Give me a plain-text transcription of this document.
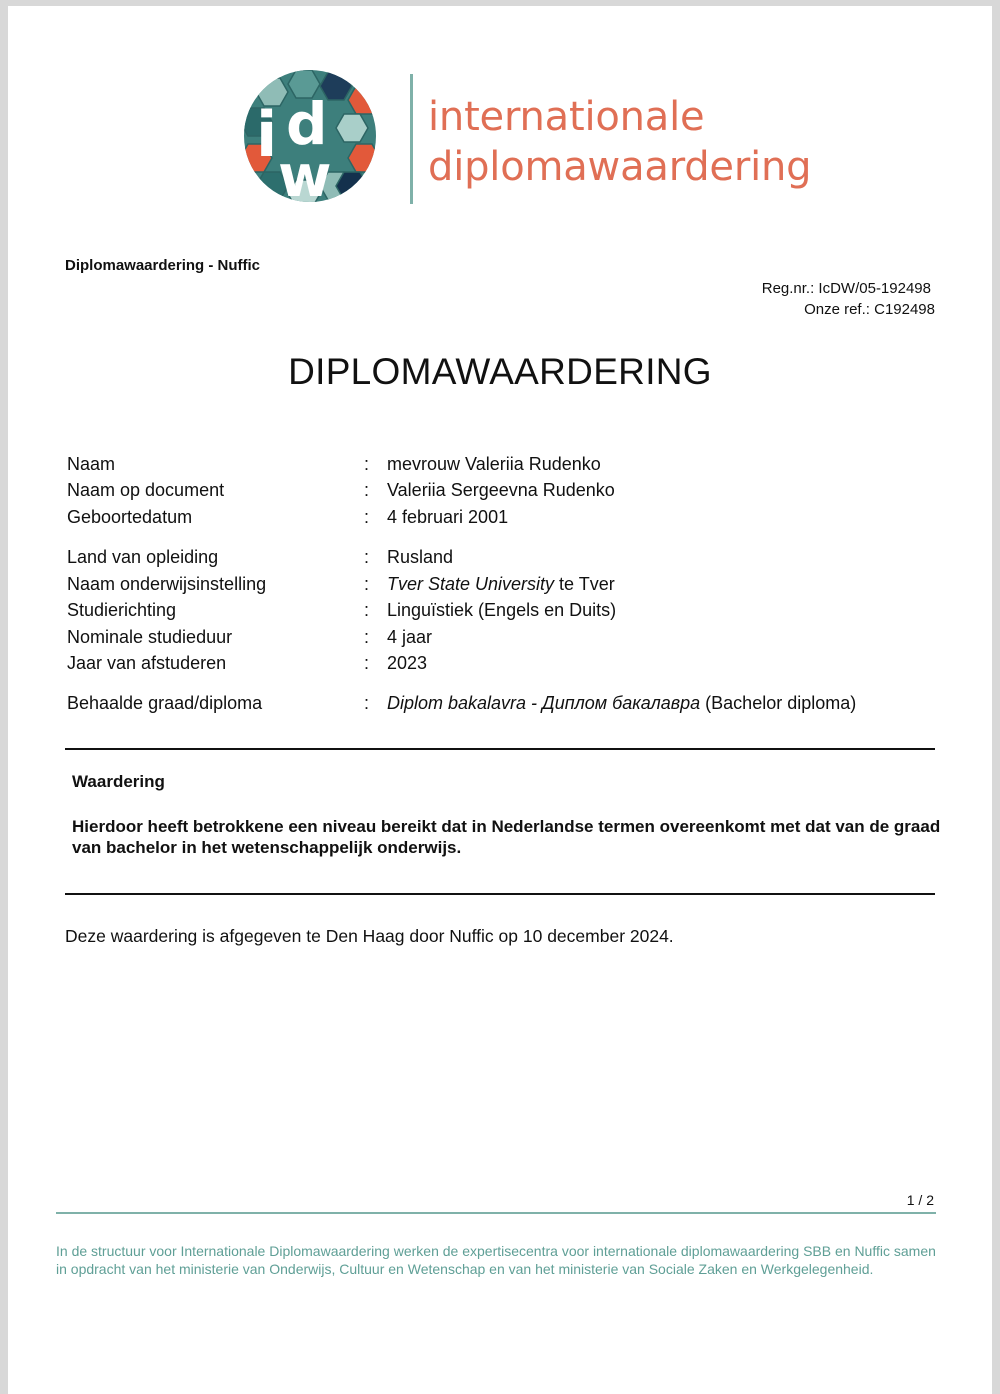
i d
w
internationale
diplomawaardering
Diplomawaardering - Nuffic
Reg.nr.: IcDW/05-192498
Onze ref.: C192498
DIPLOMAWAARDERING
Naam	: mevrouw Valeriia Rudenko
Naam op document	: Valeriia Sergeevna Rudenko
Geboortedatum	: 4 februari 2001
Land van opleiding	: Rusland
Naam onderwijsinstelling	: Tver State University te Tver
Studierichting	: Linguïstiek (Engels en Duits)
Nominale studieduur	: 4 jaar
Jaar van afstuderen	: 2023
Behaalde graad/diploma	: Diplom bakalavra - Диплом бакалавра (Bachelor diploma)
Waardering
Hierdoor heeft betrokkene een niveau bereikt dat in Nederlandse termen overeenkomt met dat van de graad van bachelor in het wetenschappelijk onderwijs.
Deze waardering is afgegeven te Den Haag door Nuffic op 10 december 2024.
1 / 2
In de structuur voor Internationale Diplomawaardering werken de expertisecentra voor internationale diplomawaardering SBB en Nuffic samen in opdracht van het ministerie van Onderwijs, Cultuur en Wetenschap en van het ministerie van Sociale Zaken en Werkgelegenheid.
